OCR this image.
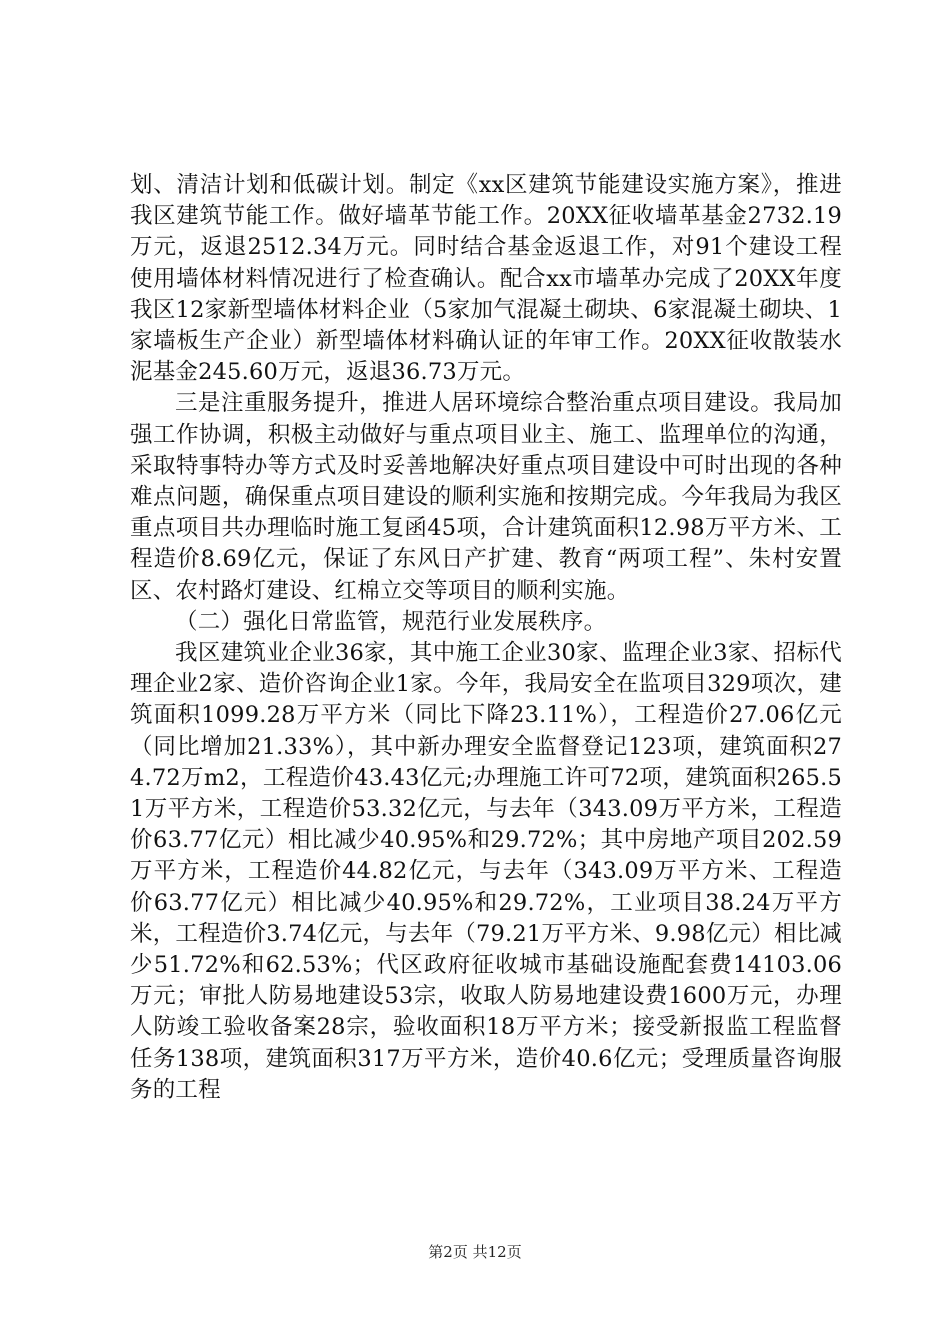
划、清洁计划和低碳计划。制定《xx区建筑节能建设实施方案》，推进我区建筑节能工作。做好墙革节能工作。20XX征收墙革基金2732.19万元，返退2512.34万元。同时结合基金返退工作，对91个建设工程使用墙体材料情况进行了检查确认。配合xx市墙革办完成了20XX年度我区12家新型墙体材料企业（5家加气混凝土砌块、6家混凝土砌块、1家墙板生产企业）新型墙体材料确认证的年审工作。20XX征收散装水泥基金245.60万元，返退36.73万元。

三是注重服务提升，推进人居环境综合整治重点项目建设。我局加强工作协调，积极主动做好与重点项目业主、施工、监理单位的沟通，采取特事特办等方式及时妥善地解决好重点项目建设中可时出现的各种难点问题，确保重点项目建设的顺利实施和按期完成。今年我局为我区重点项目共办理临时施工复函45项，合计建筑面积12.98万平方米、工程造价8.69亿元，保证了东风日产扩建、教育“两项工程”、朱村安置区、农村路灯建设、红棉立交等项目的顺利实施。

（二）强化日常监管，规范行业发展秩序。

我区建筑业企业36家，其中施工企业30家、监理企业3家、招标代理企业2家、造价咨询企业1家。今年，我局安全在监项目329项次，建筑面积1099.28万平方米（同比下降23.11%），工程造价27.06亿元（同比增加21.33%），其中新办理安全监督登记123项，建筑面积274.72万m2，工程造价43.43亿元;办理施工许可72项，建筑面积265.51万平方米，工程造价53.32亿元，与去年（343.09万平方米，工程造价63.77亿元）相比减少40.95%和29.72%；其中房地产项目202.59万平方米，工程造价44.82亿元，与去年（343.09万平方米、工程造价63.77亿元）相比减少40.95%和29.72%，工业项目38.24万平方米，工程造价3.74亿元，与去年（79.21万平方米、9.98亿元）相比减少51.72%和62.53%；代区政府征收城市基础设施配套费14103.06万元；审批人防易地建设53宗，收取人防易地建设费1600万元，办理人防竣工验收备案28宗，验收面积18万平方米；接受新报监工程监督任务138项，建筑面积317万平方米，造价40.6亿元；受理质量咨询服务的工程

第2页 共12页
